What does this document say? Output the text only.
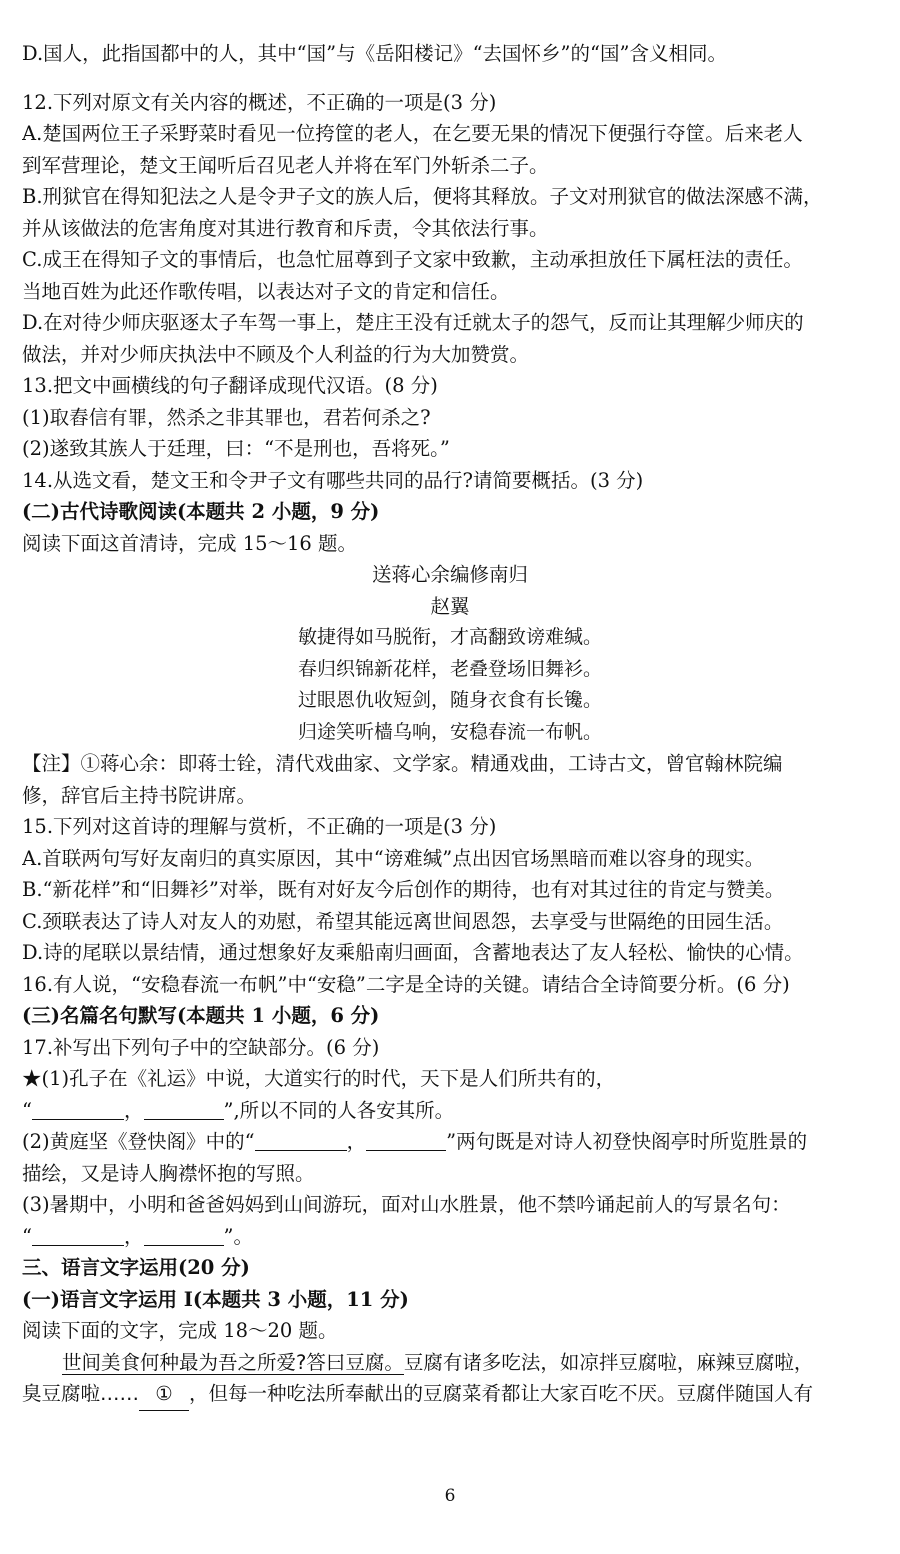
D.国人，此指国都中的人，其中“国”与《岳阳楼记》“去国怀乡”的“国”含义相同。
12.下列对原文有关内容的概述，不正确的一项是(3 分)
A.楚国两位王子采野菜时看见一位挎筐的老人，在乞要无果的情况下便强行夺筐。后来老人
到军营理论，楚文王闻听后召见老人并将在军门外斩杀二子。
B.刑狱官在得知犯法之人是令尹子文的族人后，便将其释放。子文对刑狱官的做法深感不满，
并从该做法的危害角度对其进行教育和斥责，令其依法行事。
C.成王在得知子文的事情后，也急忙屈尊到子文家中致歉，主动承担放任下属枉法的责任。
当地百姓为此还作歌传唱，以表达对子文的肯定和信任。
D.在对待少师庆驱逐太子车驾一事上，楚庄王没有迁就太子的怨气，反而让其理解少师庆的
做法，并对少师庆执法中不顾及个人利益的行为大加赞赏。
13.把文中画横线的句子翻译成现代汉语。(8 分)
(1)取舂信有罪，然杀之非其罪也，君若何杀之?
(2)遂致其族人于廷理，曰：“不是刑也，吾将死。”
14.从选文看，楚文王和令尹子文有哪些共同的品行?请简要概括。(3 分)
(二)古代诗歌阅读(本题共 2 小题，9 分)
阅读下面这首清诗，完成 15～16 题。
送蒋心余编修南归
赵翼
敏捷得如马脱衔，才高翻致谤难缄。
春归织锦新花样，老叠登场旧舞衫。
过眼恩仇收短剑，随身衣食有长镵。
归途笑听樯乌响，安稳春流一布帆。
【注】①蒋心余：即蒋士铨，清代戏曲家、文学家。精通戏曲，工诗古文，曾官翰林院编
修，辞官后主持书院讲席。
15.下列对这首诗的理解与赏析，不正确的一项是(3 分)
A.首联两句写好友南归的真实原因，其中“谤难缄”点出因官场黑暗而难以容身的现实。
B.“新花样”和“旧舞衫”对举，既有对好友今后创作的期待，也有对其过往的肯定与赞美。
C.颈联表达了诗人对友人的劝慰，希望其能远离世间恩怨，去享受与世隔绝的田园生活。
D.诗的尾联以景结情，通过想象好友乘船南归画面，含蓄地表达了友人轻松、愉快的心情。
16.有人说，“安稳春流一布帆”中“安稳”二字是全诗的关键。请结合全诗简要分析。(6 分)
(三)名篇名句默写(本题共 1 小题，6 分)
17.补写出下列句子中的空缺部分。(6 分)
★(1)孔子在《礼运》中说，大道实行的时代，天下是人们所共有的，
“	，	”,所以不同的人各安其所。
(2)黄庭坚《登快阁》中的“	，	”两句既是对诗人初登快阁亭时所览胜景的
描绘，又是诗人胸襟怀抱的写照。
(3)暑期中，小明和爸爸妈妈到山间游玩，面对山水胜景，他不禁吟诵起前人的写景名句：
“	，	”。
三、语言文字运用(20 分)
(一)语言文字运用 I(本题共 3 小题，11 分)
阅读下面的文字，完成 18～20 题。
世间美食何种最为吾之所爱?答曰豆腐。豆腐有诸多吃法，如凉拌豆腐啦，麻辣豆腐啦，
臭豆腐啦…… ① ，但每一种吃法所奉献出的豆腐菜肴都让大家百吃不厌。豆腐伴随国人有
6
